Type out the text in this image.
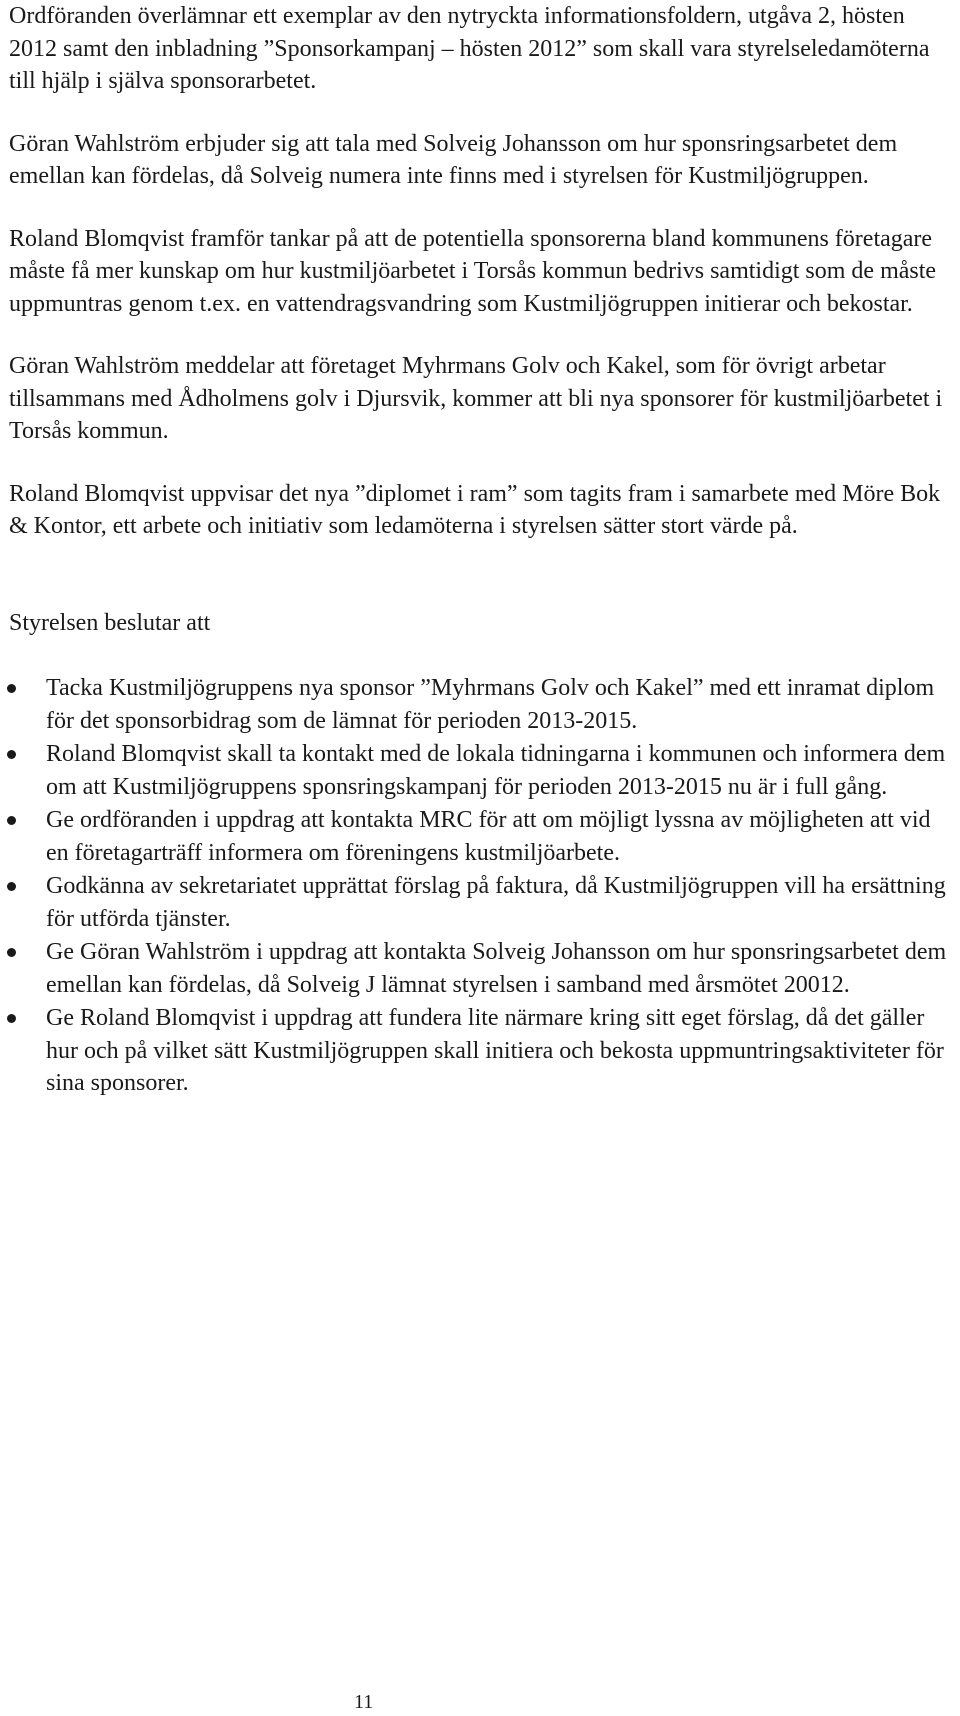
Ordföranden överlämnar ett exemplar av den nytryckta informationsfoldern, utgåva 2, hösten 2012 samt den inbladning ”Sponsorkampanj – hösten 2012” som skall vara styrelseledamöterna till hjälp i själva sponsorarbetet.

Göran Wahlström erbjuder sig att tala med Solveig Johansson om hur sponsringsarbetet dem emellan kan fördelas, då Solveig numera inte finns med i styrelsen för Kustmiljögruppen.

Roland Blomqvist framför tankar på att de potentiella sponsorerna bland kommunens företagare måste få mer kunskap om hur kustmiljöarbetet i Torsås kommun bedrivs samtidigt som de måste uppmuntras genom t.ex. en vattendragsvandring som Kustmiljögruppen initierar och bekostar.

Göran Wahlström meddelar att företaget Myhrmans Golv och Kakel, som för övrigt arbetar tillsammans med Ådholmens golv i Djursvik, kommer att bli nya sponsorer för kustmiljöarbetet i Torsås kommun.

Roland Blomqvist uppvisar det nya ”diplomet i ram” som tagits fram i samarbete med Möre Bok & Kontor, ett arbete och initiativ som ledamöterna i styrelsen sätter stort värde på.

Styrelsen beslutar att

Tacka Kustmiljögruppens nya sponsor ”Myhrmans Golv och Kakel” med ett inramat diplom för det sponsorbidrag som de lämnat för perioden 2013-2015.
Roland Blomqvist skall ta kontakt med de lokala tidningarna i kommunen och informera dem om att Kustmiljögruppens sponsringskampanj för perioden 2013-2015 nu är i full gång.
Ge ordföranden i uppdrag att kontakta MRC för att om möjligt lyssna av möjligheten att vid en företagarträff informera om föreningens kustmiljöarbete.
Godkänna av sekretariatet upprättat förslag på faktura, då Kustmiljögruppen vill ha ersättning för utförda tjänster.
Ge Göran Wahlström i uppdrag att kontakta Solveig Johansson om hur sponsringsarbetet dem emellan kan fördelas, då Solveig J lämnat styrelsen i samband med årsmötet 20012.
Ge Roland Blomqvist i uppdrag att fundera lite närmare kring sitt eget förslag, då det gäller hur och på vilket sätt Kustmiljögruppen skall initiera och bekosta uppmuntringsaktiviteter för sina sponsorer.
11
